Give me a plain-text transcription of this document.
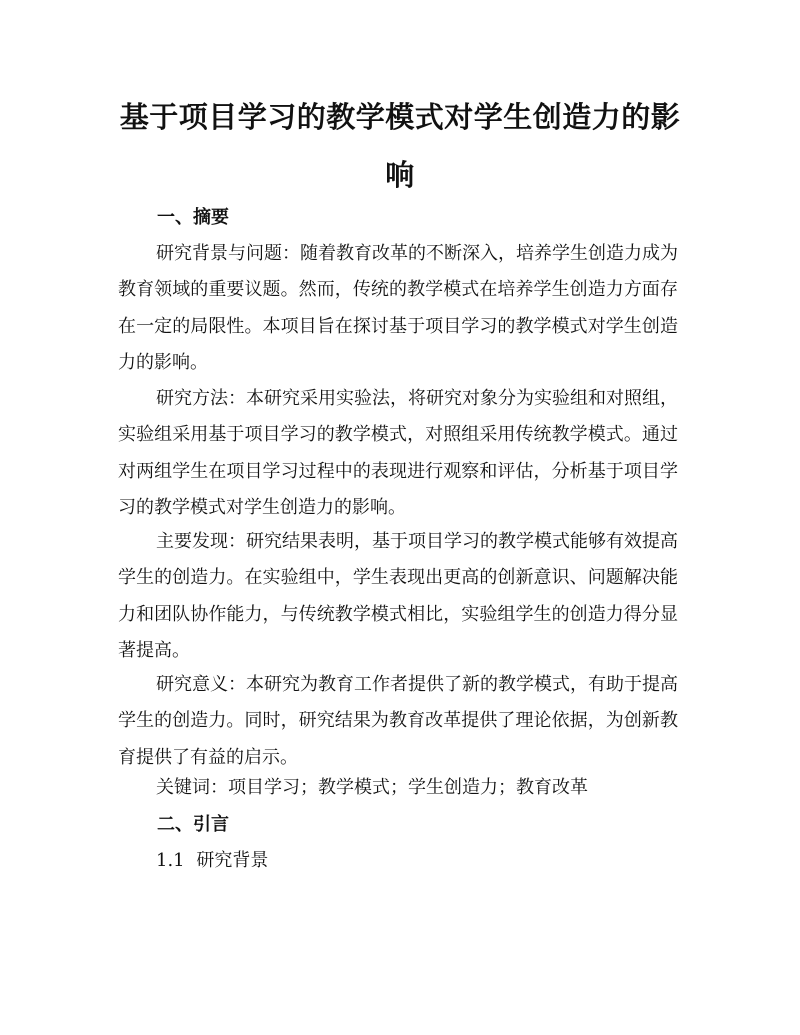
基于项目学习的教学模式对学生创造力的影响
一、摘要
研究背景与问题：随着教育改革的不断深入，培养学生创造力成为教育领域的重要议题。然而，传统的教学模式在培养学生创造力方面存在一定的局限性。本项目旨在探讨基于项目学习的教学模式对学生创造力的影响。
研究方法：本研究采用实验法，将研究对象分为实验组和对照组，实验组采用基于项目学习的教学模式，对照组采用传统教学模式。通过对两组学生在项目学习过程中的表现进行观察和评估，分析基于项目学习的教学模式对学生创造力的影响。
主要发现：研究结果表明，基于项目学习的教学模式能够有效提高学生的创造力。在实验组中，学生表现出更高的创新意识、问题解决能力和团队协作能力，与传统教学模式相比，实验组学生的创造力得分显著提高。
研究意义：本研究为教育工作者提供了新的教学模式，有助于提高学生的创造力。同时，研究结果为教育改革提供了理论依据，为创新教育提供了有益的启示。
关键词：项目学习；教学模式；学生创造力；教育改革
二、引言
1.1 研究背景
